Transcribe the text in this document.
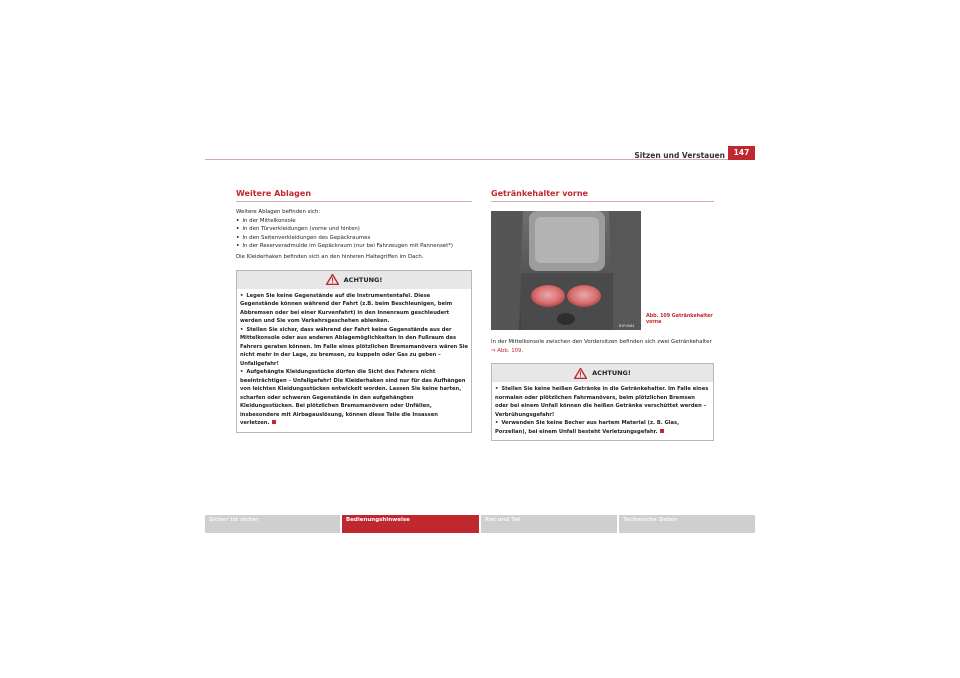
Sitzen und Verstauen	147
Weitere Ablagen

Weitere Ablagen befinden sich:

• In der Mittelkonsole
• In den Türverkleidungen (vorne und hinten)
• In den Seitenverkleidungen des Gepäckraumes
• In der Reserveradmulde im Gepäckraum (nur bei Fahrzeugen mit Pannenset*)

Die Kleiderhaken befinden sich an den hinteren Haltegriffen im Dach.

ACHTUNG!
• Legen Sie keine Gegenstände auf die Instrumententafel. Diese Gegenstände können während der Fahrt (z.B. beim Beschleunigen, beim Abbremsen oder bei einer Kurvenfahrt) in den Innenraum geschleudert werden und Sie vom Verkehrsgeschehen ablenken.
• Stellen Sie sicher, dass während der Fahrt keine Gegenstände aus der Mittelkonsole oder aus anderen Ablagemöglichkeiten in den Fußraum des Fahrers geraten können. Im Falle eines plötzlichen Bremsmanövers wären Sie nicht mehr in der Lage, zu bremsen, zu kuppeln oder Gas zu geben – Unfallgefahr!
• Aufgehängte Kleidungsstücke dürfen die Sicht des Fahrers nicht beeinträchtigen – Unfallgefahr! Die Kleiderhaken sind nur für das Aufhängen von leichten Kleidungsstücken entwickelt worden. Lassen Sie keine harten, scharfen oder schweren Gegenstände in den aufgehängten Kleidungsstücken. Bei plötzlichen Bremsmanövern oder Unfällen, insbesondere mit Airbagauslösung, können diese Teile die Insassen verletzen.
Getränkehalter vorne
B1P-0084
Abb. 109 Getränkehalter vorne

In der Mittelkonsole zwischen den Vordersitzen befinden sich zwei Getränkehalter ⇒ Abb. 109.

ACHTUNG!
• Stellen Sie keine heißen Getränke in die Getränkehalter. Im Falle eines normalen oder plötzlichen Fahrmanövers, beim plötzlichen Bremsen oder bei einem Unfall können die heißen Getränke verschüttet werden – Verbrühungsgefahr!
• Verwenden Sie keine Becher aus hartem Material (z. B. Glas, Porzellan), bei einem Unfall besteht Verletzungsgefahr.
Sicher ist sicher	Bedienungshinweise	Rat und Tat	Technische Daten
